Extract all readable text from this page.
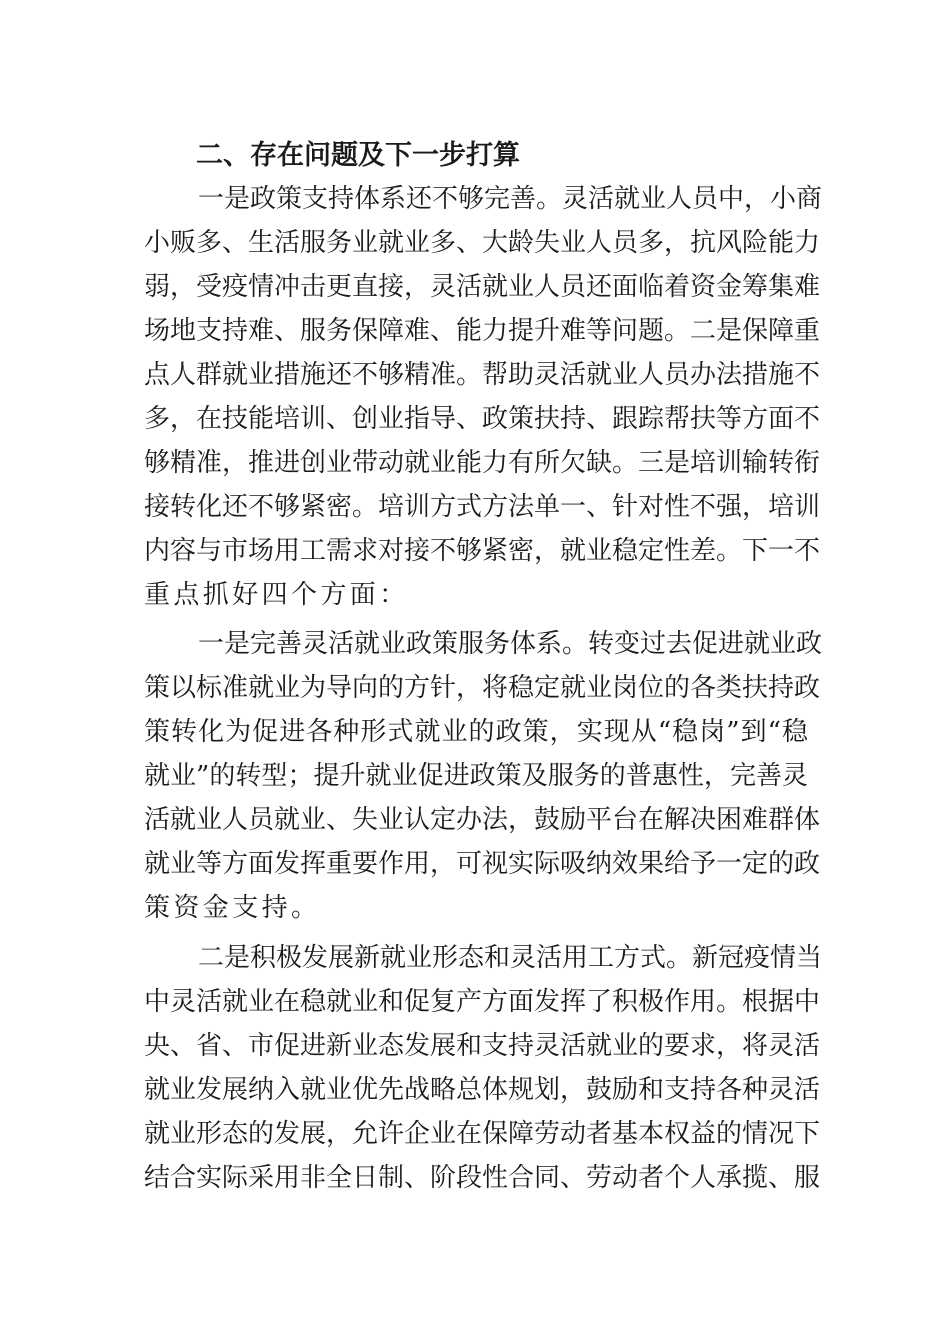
二、存在问题及下一步打算
一是政策支持体系还不够完善。灵活就业人员中，小商
小贩多、生活服务业就业多、大龄失业人员多，抗风险能力
弱，受疫情冲击更直接，灵活就业人员还面临着资金筹集难
场地支持难、服务保障难、能力提升难等问题。二是保障重
点人群就业措施还不够精准。帮助灵活就业人员办法措施不
多，在技能培训、创业指导、政策扶持、跟踪帮扶等方面不
够精准，推进创业带动就业能力有所欠缺。三是培训输转衔
接转化还不够紧密。培训方式方法单一、针对性不强，培训
内容与市场用工需求对接不够紧密，就业稳定性差。下一不
重点抓好四个方面：
一是完善灵活就业政策服务体系。转变过去促进就业政
策以标准就业为导向的方针，将稳定就业岗位的各类扶持政
策转化为促进各种形式就业的政策，实现从“稳岗”到“稳
就业”的转型；提升就业促进政策及服务的普惠性，完善灵
活就业人员就业、失业认定办法，鼓励平台在解决困难群体
就业等方面发挥重要作用，可视实际吸纳效果给予一定的政
策资金支持。
二是积极发展新就业形态和灵活用工方式。新冠疫情当
中灵活就业在稳就业和促复产方面发挥了积极作用。根据中
央、省、市促进新业态发展和支持灵活就业的要求，将灵活
就业发展纳入就业优先战略总体规划，鼓励和支持各种灵活
就业形态的发展，允许企业在保障劳动者基本权益的情况下
结合实际采用非全日制、阶段性合同、劳动者个人承揽、服
